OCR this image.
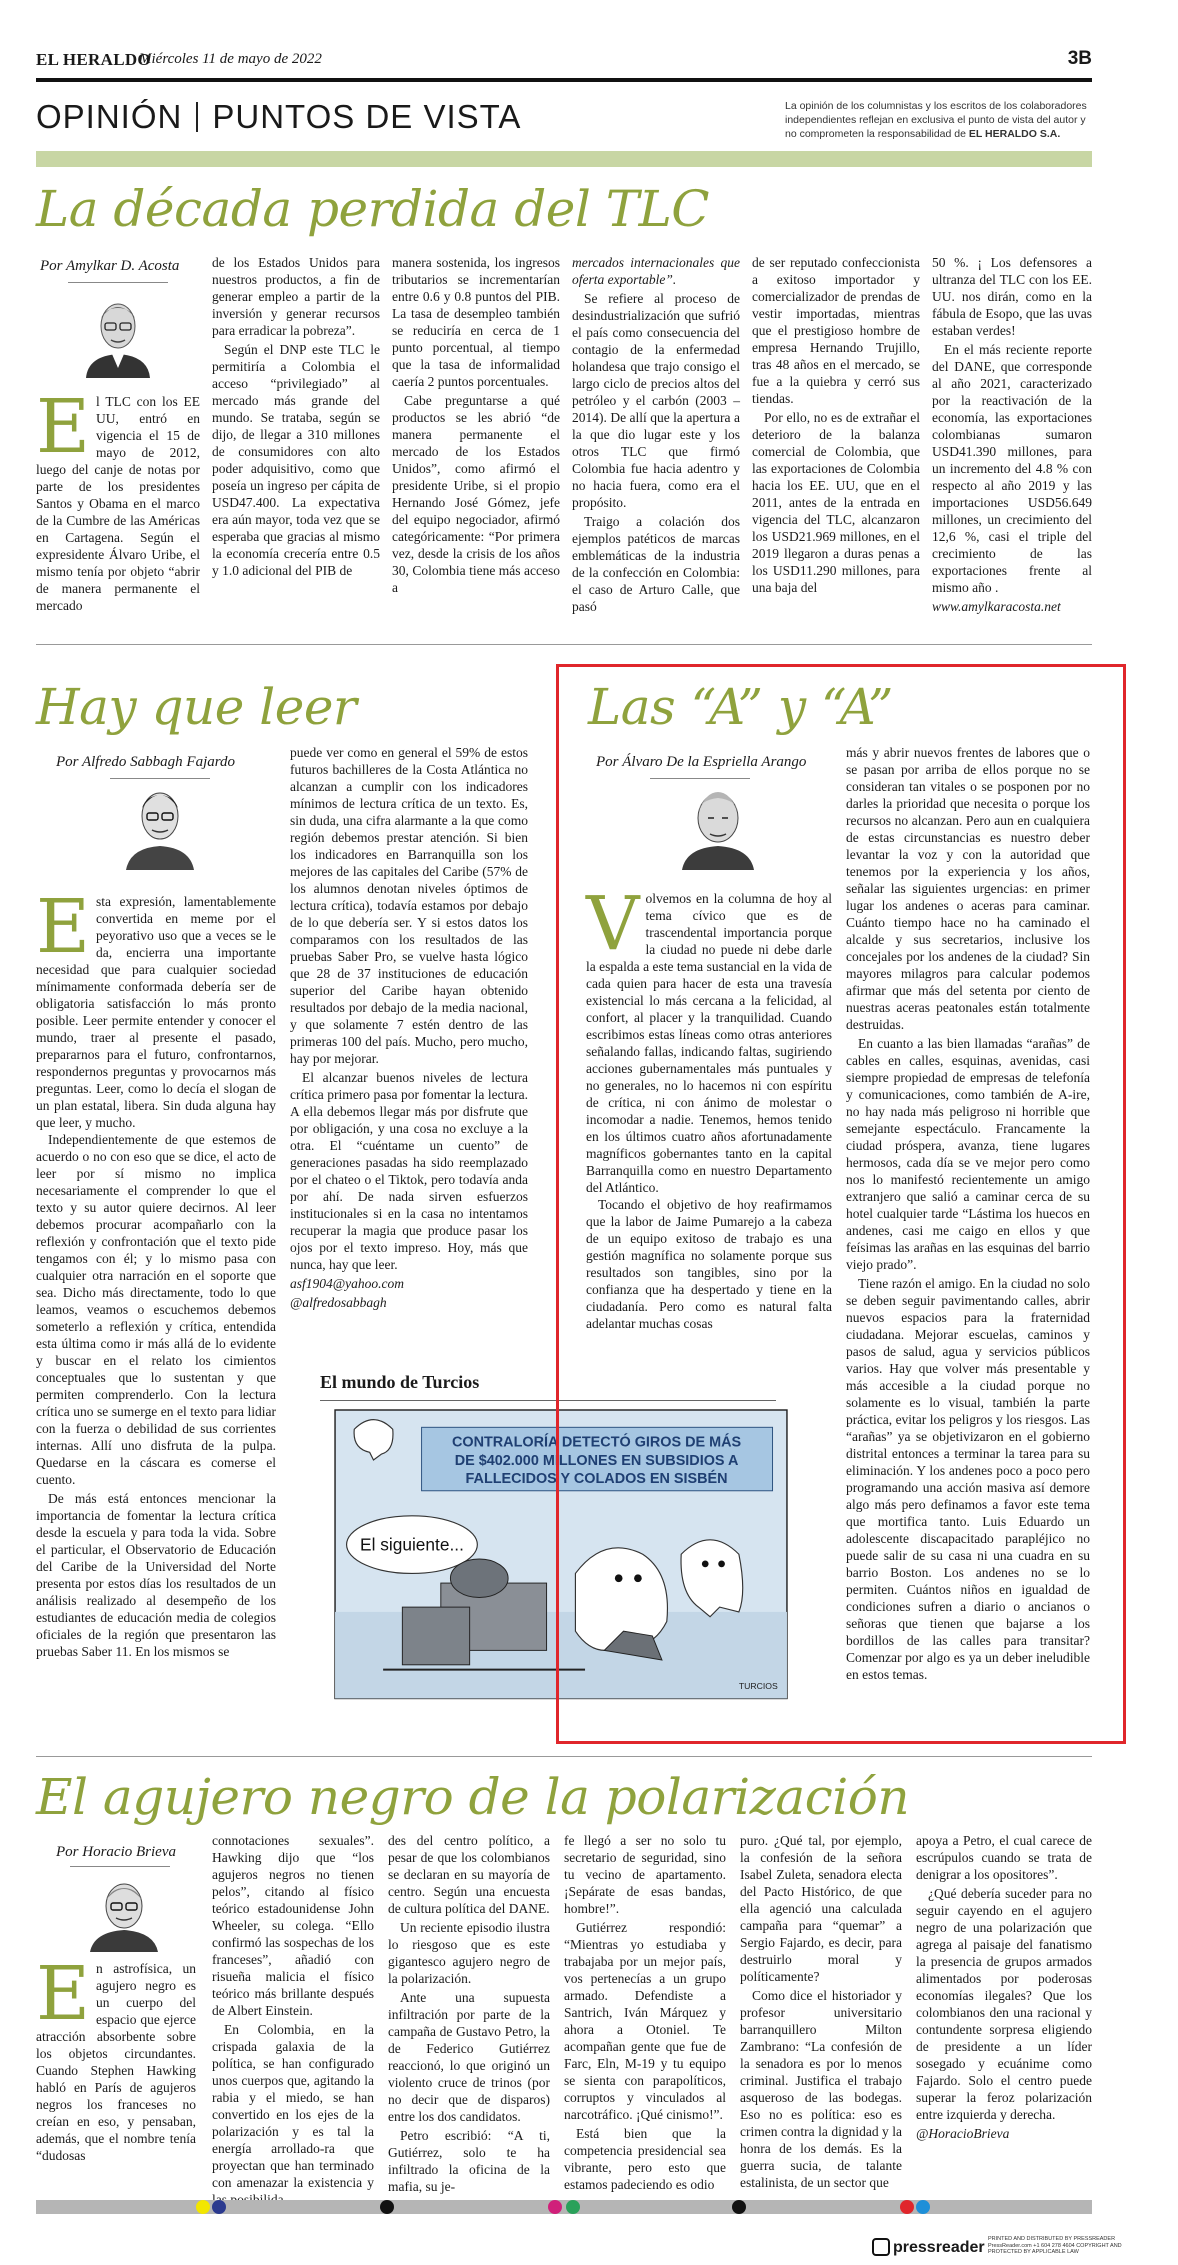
EL HERALDO
Miércoles 11 de mayo de 2022	3B
OPINIÓN PUNTOS DE VISTA	La opinión de los columnistas y los escritos de los colaboradores independientes reflejan en exclusiva el punto de vista del autor y no comprometen la responsabilidad de EL HERALDO S.A.
La década perdida del TLC
Por Amylkar D. Acosta
E l TLC con los EE UU, entró en vigencia el 15 de mayo de 2012, luego del canje de notas por parte de los presidentes Santos y Obama en el marco de la Cumbre de las Américas en Cartagena. Según el expresidente Álvaro Uribe, el mismo tenía por objeto “abrir de manera permanente el mercado

de los Estados Unidos para nuestros productos, a fin de generar empleo a partir de la inversión y generar recursos para erradicar la pobreza”.

Según el DNP este TLC le permitiría a Colombia el acceso “privilegiado” al mercado más grande del mundo. Se trataba, según se dijo, de llegar a 310 millones de consumidores con alto poder adquisitivo, como que poseía un ingreso per cápita de USD47.400. La expectativa era aún mayor, toda vez que se esperaba que gracias al mismo la economía crecería entre 0.5 y 1.0 adicional del PIB de

manera sostenida, los ingresos tributarios se incrementarían entre 0.6 y 0.8 puntos del PIB. La tasa de desempleo también se reduciría en cerca de 1 punto porcentual, al tiempo que la tasa de informalidad caería 2 puntos porcentuales.

Cabe preguntarse a qué productos se les abrió “de manera permanente el mercado de los Estados Unidos”, como afirmó el presidente Uribe, si el propio Hernando José Gómez, jefe del equipo negociador, afirmó categóricamente: “Por primera vez, desde la crisis de los años 30, Colombia tiene más acceso a

mercados internacionales que oferta exportable”.

Se refiere al proceso de desindustrialización que sufrió el país como consecuencia del contagio de la enfermedad holandesa que trajo consigo el largo ciclo de precios altos del petróleo y el carbón (2003 – 2014). De allí que la apertura a la que dio lugar este y los otros TLC que firmó Colombia fue hacia adentro y no hacia fuera, como era el propósito.

Traigo a colación dos ejemplos patéticos de marcas emblemáticas de la industria de la confección en Colombia: el caso de Arturo Calle, que pasó

de ser reputado confeccionista a exitoso importador y comercializador de prendas de vestir importadas, mientras que el prestigioso hombre de empresa Hernando Trujillo, tras 48 años en el mercado, se fue a la quiebra y cerró sus tiendas.

Por ello, no es de extrañar el deterioro de la balanza comercial de Colombia, que las exportaciones de Colombia hacia los EE. UU, que en el 2011, antes de la entrada en vigencia del TLC, alcanzaron los USD21.969 millones, en el 2019 llegaron a duras penas a los USD11.290 millones, para una baja del

50 %. ¡ Los defensores a ultranza del TLC con los EE. UU. nos dirán, como en la fábula de Esopo, que las uvas estaban verdes!

En el más reciente reporte del DANE, que corresponde al año 2021, caracterizado por la reactivación de la economía, las exportaciones colombianas sumaron USD41.390 millones, para un incremento del 4.8 % con respecto al año 2019 y las importaciones USD56.649 millones, un crecimiento del 12,6 %, casi el triple del crecimiento de las exportaciones frente al mismo año .

www.amylkaracosta.net

Hay que leer
Por Alfredo Sabbagh Fajardo
E sta expresión, lamentablemente convertida en meme por el peyorativo uso que a veces se le da, encierra una importante necesidad que para cualquier sociedad mínimamente conformada debería ser de obligatoria satisfacción lo más pronto posible. Leer permite entender y conocer el mundo, traer al presente el pasado, prepararnos para el futuro, confrontarnos, respondernos preguntas y provocarnos más preguntas. Leer, como lo decía el slogan de un plan estatal, libera. Sin duda alguna hay que leer, y mucho.

Independientemente de que estemos de acuerdo o no con eso que se dice, el acto de leer por sí mismo no implica necesariamente el comprender lo que el texto y su autor quiere decirnos. Al leer debemos procurar acompañarlo con la reflexión y confrontación que el texto pide tengamos con él; y lo mismo pasa con cualquier otra narración en el soporte que sea. Dicho más directamente, todo lo que leamos, veamos o escuchemos debemos someterlo a reflexión y crítica, entendida esta última como ir más allá de lo evidente y buscar en el relato los cimientos conceptuales que lo sustentan y que permiten comprenderlo. Con la lectura crítica uno se sumerge en el texto para lidiar con la fuerza o debilidad de sus corrientes internas. Allí uno disfruta de la pulpa. Quedarse en la cáscara es comerse el cuento.

De más está entonces mencionar la importancia de fomentar la lectura crítica desde la escuela y para toda la vida. Sobre el particular, el Observatorio de Educación del Caribe de la Universidad del Norte presenta por estos días los resultados de un análisis realizado al desempeño de los estudiantes de educación media de colegios oficiales de la región que presentaron las pruebas Saber 11. En los mismos se

puede ver como en general el 59% de estos futuros bachilleres de la Costa Atlántica no alcanzan a cumplir con los indicadores mínimos de lectura crítica de un texto. Es, sin duda, una cifra alarmante a la que como región debemos prestar atención. Si bien los indicadores en Barranquilla son los mejores de las capitales del Caribe (57% de los alumnos denotan niveles óptimos de lectura crítica), todavía estamos por debajo de lo que debería ser. Y si estos datos los comparamos con los resultados de las pruebas Saber Pro, se vuelve hasta lógico que 28 de 37 instituciones de educación superior del Caribe hayan obtenido resultados por debajo de la media nacional, y que solamente 7 estén dentro de las primeras 100 del país. Mucho, pero mucho, hay por mejorar.

El alcanzar buenos niveles de lectura crítica primero pasa por fomentar la lectura. A ella debemos llegar más por disfrute que por obligación, y una cosa no excluye a la otra. El “cuéntame un cuento” de generaciones pasadas ha sido reemplazado por el chateo o el Tiktok, pero todavía anda por ahí. De nada sirven esfuerzos institucionales si en la casa no intentamos recuperar la magia que produce pasar los ojos por el texto impreso. Hoy, más que nunca, hay que leer.

asf1904@yahoo.com

@alfredosabbagh

El mundo de Turcios
CONTRALORÍA DETECTÓ GIROS DE MÁS
DE $402.000 MILLONES EN SUBSIDIOS A
FALLECIDOS Y COLADOS EN SISBÉN
El siguiente...
TURCIOS
Las “A” y “A”
Por Álvaro De la Espriella Arango
V olvemos en la columna de hoy al tema cívico que es de trascendental importancia porque la ciudad no puede ni debe darle la espalda a este tema sustancial en la vida de cada quien para hacer de esta una travesía existencial lo más cercana a la felicidad, al confort, al placer y la tranquilidad. Cuando escribimos estas líneas como otras anteriores señalando fallas, indicando faltas, sugiriendo acciones gubernamentales más puntuales y no generales, no lo hacemos ni con espíritu de crítica, ni con ánimo de molestar o incomodar a nadie. Tenemos, hemos tenido en los últimos cuatro años afortunadamente magníficos gobernantes tanto en la capital Barranquilla como en nuestro Departamento del Atlántico.

Tocando el objetivo de hoy reafirmamos que la labor de Jaime Pumarejo a la cabeza de un equipo exitoso de trabajo es una gestión magnífica no solamente porque sus resultados son tangibles, sino por la confianza que ha despertado y tiene en la ciudadanía. Pero como es natural falta adelantar muchas cosas

más y abrir nuevos frentes de labores que o se pasan por arriba de ellos porque no se consideran tan vitales o se posponen por no darles la prioridad que necesita o porque los recursos no alcanzan. Pero aun en cualquiera de estas circunstancias es nuestro deber levantar la voz y con la autoridad que tenemos por la experiencia y los años, señalar las siguientes urgencias: en primer lugar los andenes o aceras para caminar. Cuánto tiempo hace no ha caminado el alcalde y sus secretarios, inclusive los concejales por los andenes de la ciudad? Sin mayores milagros para calcular podemos afirmar que más del setenta por ciento de nuestras aceras peatonales están totalmente destruidas.

En cuanto a las bien llamadas “arañas” de cables en calles, esquinas, avenidas, casi siempre propiedad de empresas de telefonía y comunicaciones, como también de A-ire, no hay nada más peligroso ni horrible que semejante espectáculo. Francamente la ciudad próspera, avanza, tiene lugares hermosos, cada día se ve mejor pero como nos lo manifestó recientemente un amigo extranjero que salió a caminar cerca de su hotel cualquier tarde “Lástima los huecos en andenes, casi me caigo en ellos y que feísimas las arañas en las esquinas del barrio viejo prado”.

Tiene razón el amigo. En la ciudad no solo se deben seguir pavimentando calles, abrir nuevos espacios para la fraternidad ciudadana. Mejorar escuelas, caminos y pasos de salud, agua y servicios públicos varios. Hay que volver más presentable y más accesible a la ciudad porque no solamente es lo visual, también la parte práctica, evitar los peligros y los riesgos. Las “arañas” ya se objetivizaron en el gobierno distrital entonces a terminar la tarea para su eliminación. Y los andenes poco a poco pero programando una acción masiva así demore algo más pero definamos a favor este tema que mortifica tanto. Luis Eduardo un adolescente discapacitado parapléjico no puede salir de su casa ni una cuadra en su barrio Boston. Los andenes no se lo permiten. Cuántos niños en igualdad de condiciones sufren a diario o ancianos o señoras que tienen que bajarse a los bordillos de las calles para transitar? Comenzar por algo es ya un deber ineludible en estos temas.

El agujero negro de la polarización
Por Horacio Brieva
E n astrofísica, un agujero negro es un cuerpo del espacio que ejerce atracción absorbente sobre los objetos circundantes. Cuando Stephen Hawking habló en París de agujeros negros los franceses no creían en eso, y pensaban, además, que el nombre tenía “dudosas

connotaciones sexuales”. Hawking dijo que “los agujeros negros no tienen pelos”, citando al físico teórico estadounidense John Wheeler, su colega. “Ello confirmó las sospechas de los franceses”, añadió con risueña malicia el físico teórico más brillante después de Albert Einstein.

En Colombia, en la crispada galaxia de la política, se han configurado unos cuerpos que, agitando la rabia y el miedo, se han convertido en los ejes de la polarización y es tal la energía arrollado-ra que proyectan que han terminado con amenazar la existencia y

des del centro político, a pesar de que los colombianos se declaran en su mayoría de centro. Según una encuesta de cultura política del DANE.

Un reciente episodio ilustra lo riesgoso que es este gigantesco agujero negro de la polarización.

Ante una supuesta infiltración por parte de la campaña de Gustavo Petro, la de Federico Gutiérrez reaccionó, lo que originó un violento cruce de trinos (por no decir que de disparos) entre los dos candidatos.

Petro escribió: “A ti, Gutiérrez, solo te ha infiltrado la oficina de la mafia, su je-

fe llegó a ser no solo tu secretario de seguridad, sino tu vecino de apartamento. ¡Sepárate de esas bandas, hombre!”.

Gutiérrez respondió: “Mientras yo estudiaba y trabajaba por un mejor país, vos pertenecías a un grupo armado. Defendiste a Santrich, Iván Márquez y ahora a Otoniel. Te acompañan gente que fue de Farc, Eln, M-19 y tu equipo se sienta con parapolíticos, corruptos y vinculados al narcotráfico. ¡Qué cinismo!”.

Está bien que la competencia presidencial sea vibrante, pero esto que estamos padeciendo es odio

puro. ¿Qué tal, por ejemplo, la confesión de la señora Isabel Zuleta, senadora electa del Pacto Histórico, de que ella agenció una calculada campaña para “quemar” a Sergio Fajardo, es decir, para destruirlo moral y políticamente?

Como dice el historiador y profesor universitario barranquillero Milton Zambrano: “La confesión de la senadora es por lo menos criminal. Justifica el trabajo asqueroso de las bodegas. Eso no es política: eso es crimen contra la dignidad y la honra de los demás. Es la guerra sucia, de talante estalinista, de un sector que

apoya a Petro, el cual carece de escrúpulos cuando se trata de denigrar a los opositores”.

¿Qué debería suceder para no seguir cayendo en el agujero negro de una polarización que agrega al paisaje del fanatismo la presencia de grupos armados alimentados por poderosas economías ilegales? Que los colombianos den una racional y contundente sorpresa eligiendo de presidente a un líder sosegado y ecuánime como Fajardo. Solo el centro puede superar la feroz polarización entre izquierda y derecha.

@HoracioBrieva

pressreader PRINTED AND DISTRIBUTED BY PRESSREADER PressReader.com +1 604 278 4604 COPYRIGHT AND PROTECTED BY APPLICABLE LAW
